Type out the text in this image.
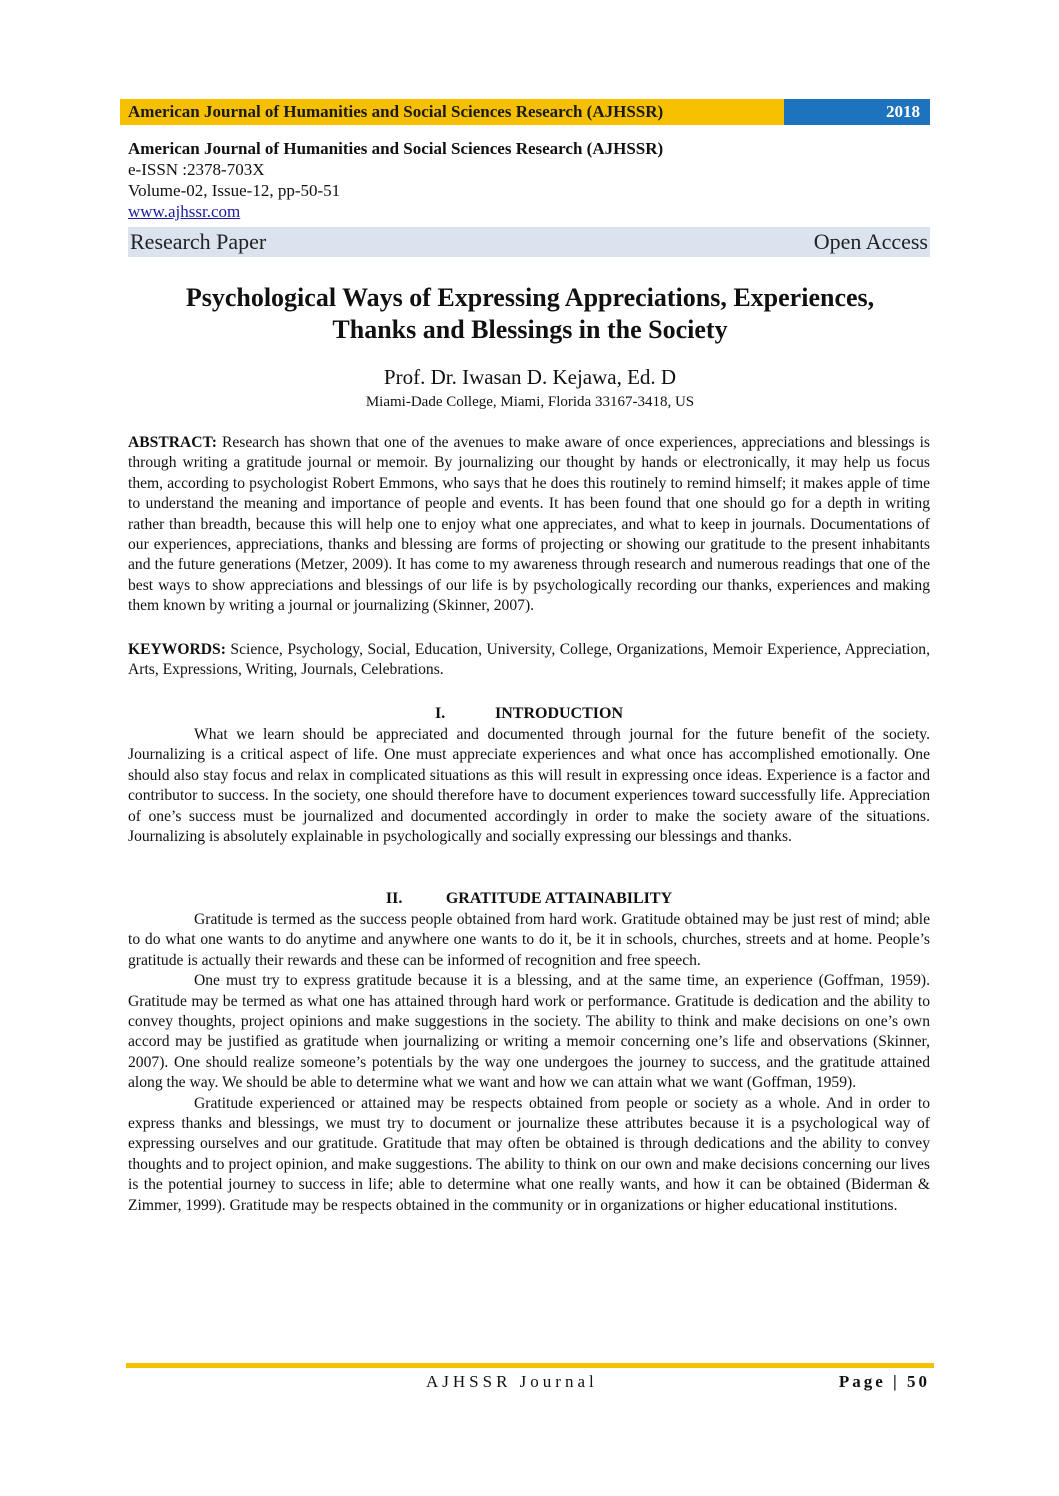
American Journal of Humanities and Social Sciences Research (AJHSSR)	2018
American Journal of Humanities and Social Sciences Research (AJHSSR)
e-ISSN :2378-703X
Volume-02, Issue-12, pp-50-51
www.ajhssr.com
Research Paper	Open Access
Psychological Ways of Expressing Appreciations, Experiences,
Thanks and Blessings in the Society
Prof. Dr. Iwasan D. Kejawa, Ed. D
Miami-Dade College, Miami, Florida 33167-3418, US

ABSTRACT: Research has shown that one of the avenues to make aware of once experiences, appreciations and blessings is through writing a gratitude journal or memoir. By journalizing our thought by hands or electronically, it may help us focus them, according to psychologist Robert Emmons, who says that he does this routinely to remind himself; it makes apple of time to understand the meaning and importance of people and events. It has been found that one should go for a depth in writing rather than breadth, because this will help one to enjoy what one appreciates, and what to keep in journals. Documentations of our experiences, appreciations, thanks and blessing are forms of projecting or showing our gratitude to the present inhabitants and the future generations (Metzer, 2009). It has come to my awareness through research and numerous readings that one of the best ways to show appreciations and blessings of our life is by psychologically recording our thanks, experiences and making them known by writing a journal or journalizing (Skinner, 2007).

KEYWORDS: Science, Psychology, Social, Education, University, College, Organizations, Memoir Experience, Appreciation, Arts, Expressions, Writing, Journals, Celebrations.

I.	INTRODUCTION

What we learn should be appreciated and documented through journal for the future benefit of the society. Journalizing is a critical aspect of life. One must appreciate experiences and what once has accomplished emotionally. One should also stay focus and relax in complicated situations as this will result in expressing once ideas. Experience is a factor and contributor to success. In the society, one should therefore have to document experiences toward successfully life. Appreciation of one’s success must be journalized and documented accordingly in order to make the society aware of the situations. Journalizing is absolutely explainable in psychologically and socially expressing our blessings and thanks.

II.	GRATITUDE ATTAINABILITY

Gratitude is termed as the success people obtained from hard work. Gratitude obtained may be just rest of mind; able to do what one wants to do anytime and anywhere one wants to do it, be it in schools, churches, streets and at home. People’s gratitude is actually their rewards and these can be informed of recognition and free speech.

One must try to express gratitude because it is a blessing, and at the same time, an experience (Goffman, 1959). Gratitude may be termed as what one has attained through hard work or performance. Gratitude is dedication and the ability to convey thoughts, project opinions and make suggestions in the society. The ability to think and make decisions on one’s own accord may be justified as gratitude when journalizing or writing a memoir concerning one’s life and observations (Skinner, 2007). One should realize someone’s potentials by the way one undergoes the journey to success, and the gratitude attained along the way. We should be able to determine what we want and how we can attain what we want (Goffman, 1959).

Gratitude experienced or attained may be respects obtained from people or society as a whole. And in order to express thanks and blessings, we must try to document or journalize these attributes because it is a psychological way of expressing ourselves and our gratitude. Gratitude that may often be obtained is through dedications and the ability to convey thoughts and to project opinion, and make suggestions. The ability to think on our own and make decisions concerning our lives is the potential journey to success in life; able to determine what one really wants, and how it can be obtained (Biderman & Zimmer, 1999). Gratitude may be respects obtained in the community or in organizations or higher educational institutions.

AJHSSR Journal	Page | 50
